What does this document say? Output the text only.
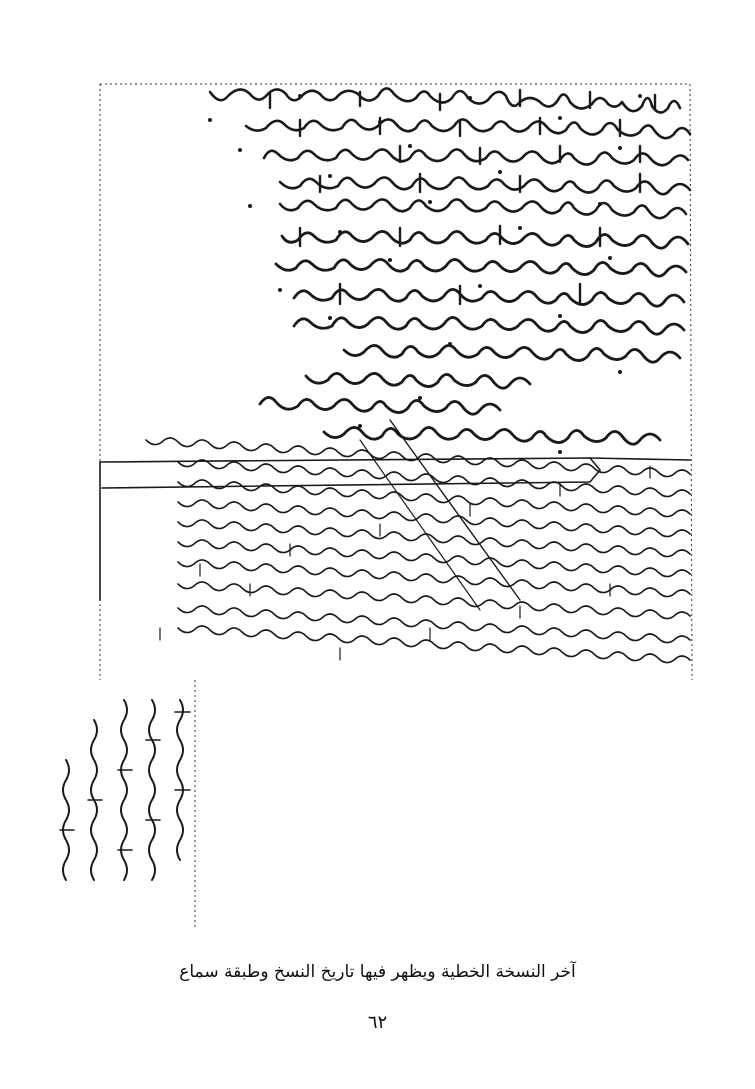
آخر النسخة الخطية ويظهر فيها تاريخ النسخ وطبقة سماع
٦٢
